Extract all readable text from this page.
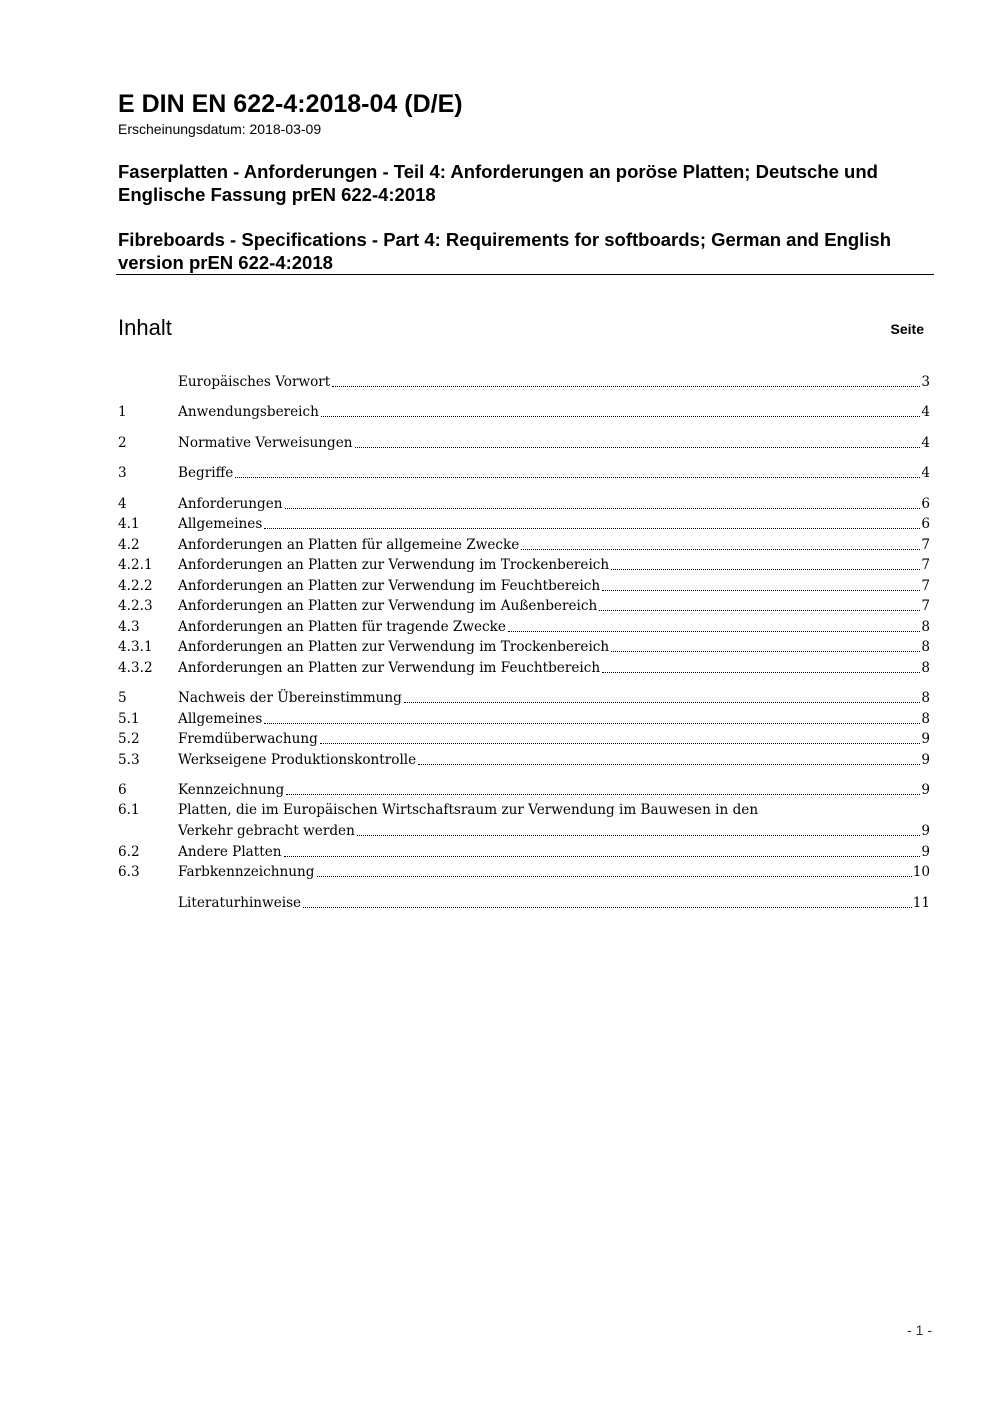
E DIN EN 622-4:2018-04 (D/E)

Erscheinungsdatum: 2018-03-09

Faserplatten - Anforderungen - Teil 4: Anforderungen an poröse Platten; Deutsche und Englische Fassung prEN 622-4:2018

Fibreboards - Specifications - Part 4: Requirements for softboards; German and English version prEN 622-4:2018

Inhalt	Seite
Europäisches Vorwort	3
1	Anwendungsbereich	4
2	Normative Verweisungen	4
3	Begriffe	4
4	Anforderungen	6
4.1	Allgemeines	6
4.2	Anforderungen an Platten für allgemeine Zwecke	7
4.2.1	Anforderungen an Platten zur Verwendung im Trockenbereich	7
4.2.2	Anforderungen an Platten zur Verwendung im Feuchtbereich	7
4.2.3	Anforderungen an Platten zur Verwendung im Außenbereich	7
4.3	Anforderungen an Platten für tragende Zwecke	8
4.3.1	Anforderungen an Platten zur Verwendung im Trockenbereich	8
4.3.2	Anforderungen an Platten zur Verwendung im Feuchtbereich	8
5	Nachweis der Übereinstimmung	8
5.1	Allgemeines	8
5.2	Fremdüberwachung	9
5.3	Werkseigene Produktionskontrolle	9
6	Kennzeichnung	9
6.1	Platten, die im Europäischen Wirtschaftsraum zur Verwendung im Bauwesen in den
Verkehr gebracht werden	9
6.2	Andere Platten	9
6.3	Farbkennzeichnung	10
Literaturhinweise	11
- 1 -
